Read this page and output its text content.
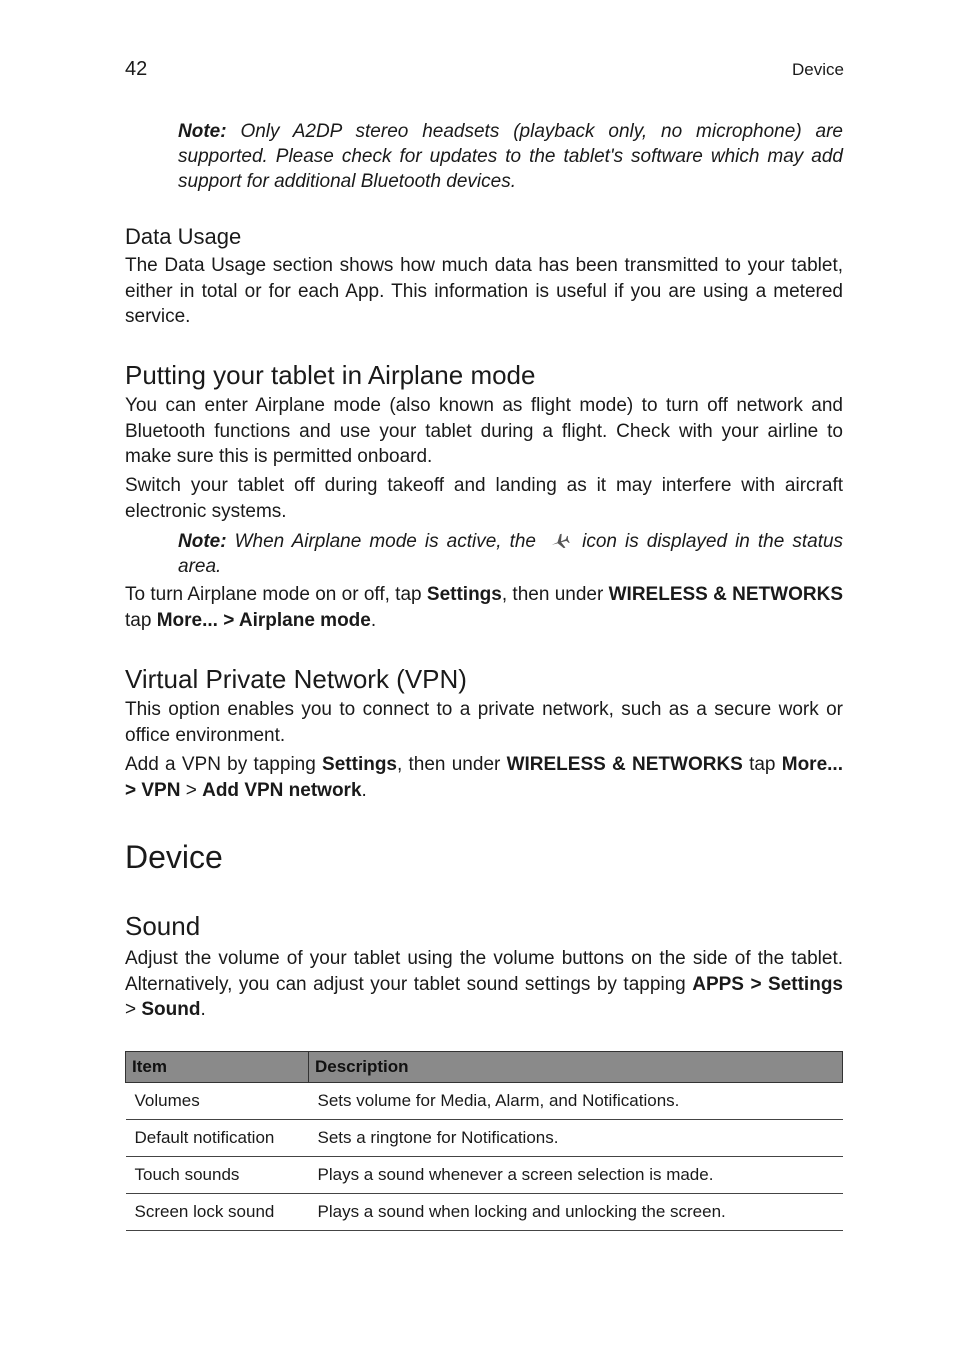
42	Device
Note: Only A2DP stereo headsets (playback only, no microphone) are supported. Please check for updates to the tablet's software which may add support for additional Bluetooth devices.
Data Usage
The Data Usage section shows how much data has been transmitted to your tablet, either in total or for each App. This information is useful if you are using a metered service.
Putting your tablet in Airplane mode
You can enter Airplane mode (also known as flight mode) to turn off network and Bluetooth functions and use your tablet during a flight. Check with your airline to make sure this is permitted onboard.
Switch your tablet off during takeoff and landing as it may interfere with aircraft electronic systems.
Note: When Airplane mode is active, the icon is displayed in the status area.
To turn Airplane mode on or off, tap Settings, then under WIRELESS & NETWORKS tap More... > Airplane mode.
Virtual Private Network (VPN)
This option enables you to connect to a private network, such as a secure work or office environment.
Add a VPN by tapping Settings, then under WIRELESS & NETWORKS tap More... > VPN > Add VPN network.
Device
Sound
Adjust the volume of your tablet using the volume buttons on the side of the tablet. Alternatively, you can adjust your tablet sound settings by tapping APPS > Settings > Sound.
Item	Description
Volumes	Sets volume for Media, Alarm, and Notifications.
Default notification	Sets a ringtone for Notifications.
Touch sounds	Plays a sound whenever a screen selection is made.
Screen lock sound	Plays a sound when locking and unlocking the screen.
